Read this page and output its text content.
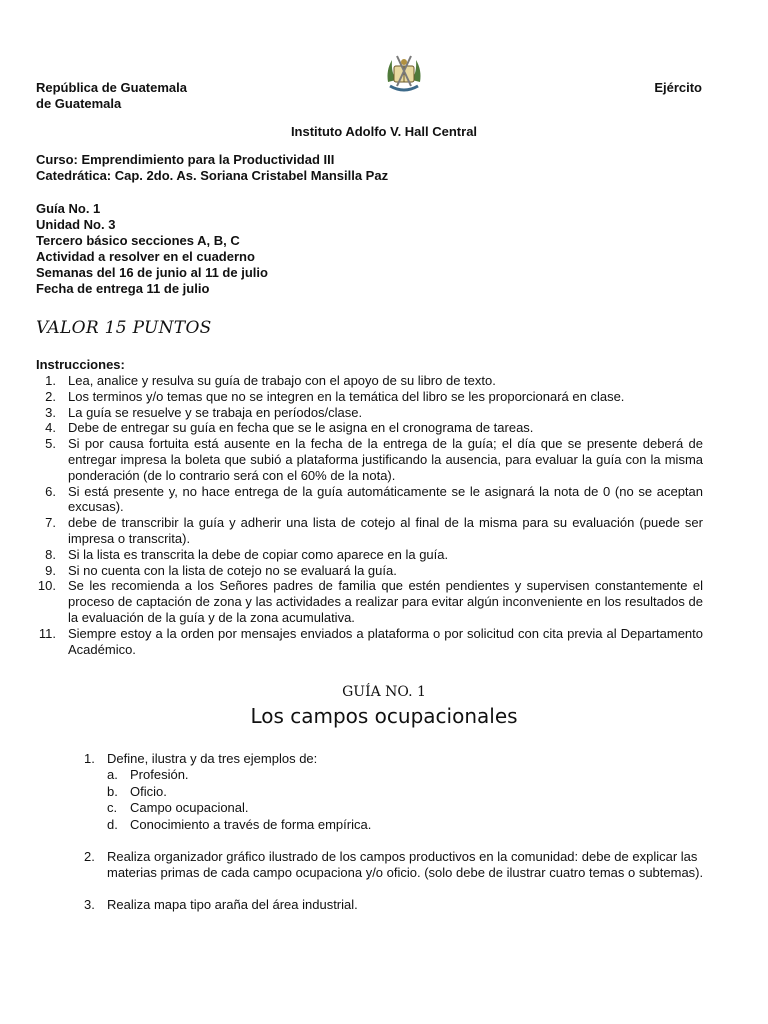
República de Guatemala
de Guatemala
Ejército
Instituto Adolfo V. Hall Central
Curso: Emprendimiento para la Productividad III
Catedrática: Cap. 2do. As. Soriana Cristabel Mansilla Paz
Guía No. 1
Unidad No. 3
Tercero básico secciones A, B, C
Actividad a resolver en el cuaderno
Semanas del 16 de junio al 11 de julio
Fecha de entrega 11 de julio
VALOR 15 PUNTOS
Instrucciones:
1. Lea, analice y resulva su guía de trabajo con el apoyo de su libro de texto.
2. Los terminos y/o temas que no se integren en la temática del libro se les proporcionará en clase.
3. La guía se resuelve y se trabaja en períodos/clase.
4. Debe de entregar su guía en fecha que se le asigna en el cronograma de tareas.
5. Si por causa fortuita está ausente en la fecha de la entrega de la guía; el día que se presente deberá de entregar impresa la boleta que subió a plataforma justificando la ausencia, para evaluar la guía con la misma ponderación (de lo contrario será con el 60% de la nota).
6. Si está presente y, no hace entrega de la guía automáticamente se le asignará la nota de 0 (no se aceptan excusas).
7. debe de transcribir la guía y adherir una lista de cotejo al final de la misma para su evaluación (puede ser impresa o transcrita).
8. Si la lista es transcrita la debe de copiar como aparece en la guía.
9. Si no cuenta con la lista de cotejo no se evaluará la guía.
10. Se les recomienda a los Señores padres de familia que estén pendientes y supervisen constantemente el proceso de captación de zona y las actividades a realizar para evitar algún inconveniente en los resultados de la evaluación de la guía y de la zona acumulativa.
11. Siempre estoy a la orden por mensajes enviados a plataforma o por solicitud con cita previa al Departamento Académico.
GUÍA NO. 1
Los campos ocupacionales
1. Define, ilustra y da tres ejemplos de:
a. Profesión.
b. Oficio.
c. Campo ocupacional.
d. Conocimiento a través de forma empírica.
2. Realiza organizador gráfico ilustrado de los campos productivos en la comunidad: debe de explicar las materias primas de cada campo ocupaciona y/o oficio. (solo debe de ilustrar cuatro temas o subtemas).
3. Realiza mapa tipo araña del área industrial.
